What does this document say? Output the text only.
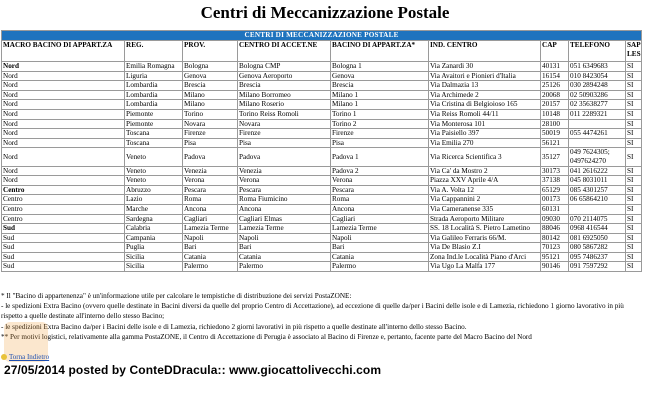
Centri di Meccanizzazione Postale
CENTRI DI MECCANIZZAZIONE POSTALE								
MACRO BACINO DI APPART.ZA	REG.	PROV.	CENTRO DI ACCET.NE	BACINO DI APPART.ZA*	IND. CENTRO	CAP	TELEFONO	SAP LES
Nord	Emilia Romagna	Bologna	Bologna CMP	Bologna 1	Via Zanardi 30	40131	051 6349683	SI
Nord	Liguria	Genova	Genova Aeroporto	Genova	Via Avaitori e Pionieri d'Italia	16154	010 8423054	SI
Nord	Lombardia	Brescia	Brescia	Brescia	Via Dalmazia 13	25126	030 2894248	SI
Nord	Lombardia	Milano	Milano Borromeo	Milano 1	Via Archimede 2	20068	02 50903286	SI
Nord	Lombardia	Milano	Milano Roserio	Milano 1	Via Cristina di Belgioioso 165	20157	02 35638277	SI
Nord	Piemonte	Torino	Torino Reiss Romoli	Torino 1	Via Reiss Romoli 44/11	10148	011 2289321	SI
Nord	Piemonte	Novara	Novara	Torino 2	Via Monterosa 101	28100		SI
Nord	Toscana	Firenze	Firenze	Firenze	Via Paisiello 397	50019	055 4474261	SI
Nord	Toscana	Pisa	Pisa	Pisa	Via Emilia 270	56121		SI
Nord	Veneto	Padova	Padova	Padova 1	Via Ricerca Scientifica 3	35127	049 7624305;
0497624270	SI
Nord	Veneto	Venezia	Venezia	Padova 2	Via Ca' da Mostro 2	30173	041 2616222	SI
Nord	Veneto	Verona	Verona	Verona	Piazza XXV Aprile 4/A	37138	045 8031011	SI
Centro	Abruzzo	Pescara	Pescara	Pescara	Via A. Volta 12	65129	085 4301257	SI
Centro	Lazio	Roma	Roma Fiumicino	Roma	Via Cappannini 2	00173	06 65864210	SI
Centro	Marche	Ancona	Ancona	Ancona	Via Cameranense 335	60131		SI
Centro	Sardegna	Cagliari	Cagliari Elmas	Cagliari	Strada Aeroporto Militare	09030	070 2114075	SI
Sud	Calabria	Lamezia Terme	Lamezia Terme	Lamezia Terme	SS. 18 Località S. Pietro Lametino	88046	0968 416544	SI
Sud	Campania	Napoli	Napoli	Napoli	Via Galileo Ferraris 66/M.	80142	081 6925050	SI
Sud	Puglia	Bari	Bari	Bari	Via De Blasio Z.I	70123	080 5867282	SI
Sud	Sicilia	Catania	Catania	Catania	Zona Ind.le Località Piano d'Arci	95121	095 7486237	SI
Sud	Sicilia	Palermo	Palermo	Palermo	Via Ugo La Malfa 177	90146	091 7597292	SI

* Il "Bacino di appartenenza" è un'informazione utile per calcolare le tempistiche di distribuzione dei servizi PostaZONE:

- le spedizioni Extra Bacino (ovvero quelle destinate in Bacini diversi da quelle del proprio Centro di Accettazione), ad eccezione di quelle da/per i Bacini delle isole e di Lamezia, richiedono 1 giorno lavorativo in più rispetto a quelle destinate all'interno dello stesso Bacino;

- le spedizioni Extra Bacino da/per i Bacini delle isole e di Lamezia, richiedono 2 giorni lavorativi in più rispetto a quelle destinate all'interno dello stesso Bacino.

** Per motivi logistici, relativamente alla gamma PostaZONE, il Centro di Accettazione di Perugia è associato al Bacino di Firenze e, pertanto, facente parte del Macro Bacino del Nord

Torna Indietro
27/05/2014 posted by ConteDDracula:: www.giocattolivecchi.com
